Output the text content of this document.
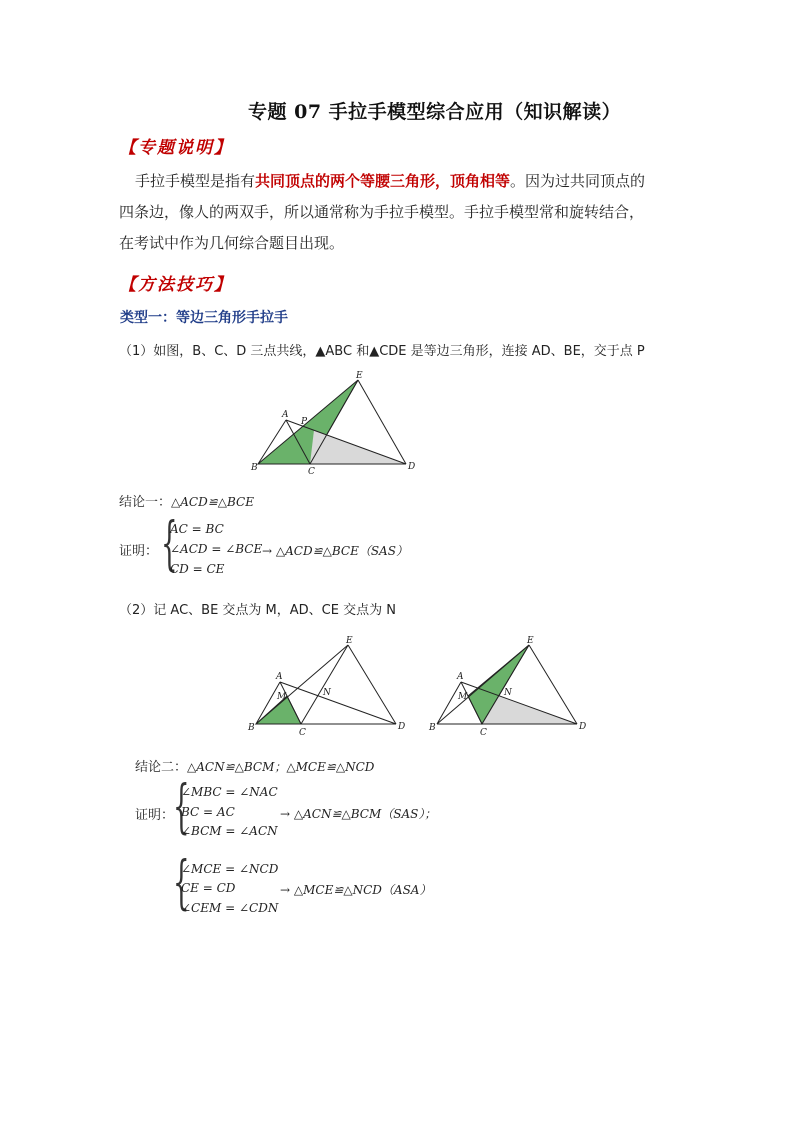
专题 07 手拉手模型综合应用（知识解读）
【专题说明】
手拉手模型是指有共同顶点的两个等腰三角形，顶角相等。因为过共同顶点的
四条边，像人的两双手，所以通常称为手拉手模型。手拉手模型常和旋转结合，
在考试中作为几何综合题目出现。
【方法技巧】
类型一：等边三角形手拉手
（1）如图，B、C、D 三点共线，▲ABC 和▲CDE 是等边三角形，连接 AD、BE，交于点 P
A
B	C	D
E
P
结论一：△ACD≌△BCE
证明： {
AC = BC
∠ACD = ∠BCE
CD = CE
→ △ACD≌△BCE（SAS）
（2）记 AC、BE 交点为 M，AD、CE 交点为 N
A
B	C
D
E
M	N
A
B	C
D
E
M	N
结论二：△ACN≌△BCM；△MCE≌△NCD
证明：
{
∠MBC = ∠NAC
BC = AC
∠BCM = ∠ACN
→ △ACN≌△BCM（SAS）；
{
∠MCE = ∠NCD
CE = CD
∠CEM = ∠CDN
→ △MCE≌△NCD（ASA）
